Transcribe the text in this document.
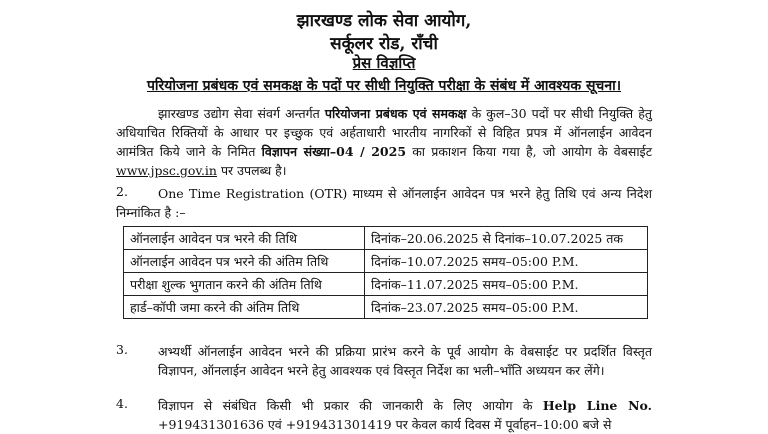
झारखण्ड लोक सेवा आयोग,
सर्कूलर रोड, राँची
प्रेस विज्ञप्ति
परियोजना प्रबंधक एवं समकक्ष के पदों पर सीधी नियुक्ति परीक्षा के संबंध में आवश्यक सूचना।
झारखण्ड उद्योग सेवा संवर्ग अन्तर्गत परियोजना प्रबंधक एवं समकक्ष के कुल–30 पदों पर सीधी नियुक्ति हेतु अधियाचित रिक्तियों के आधार पर इच्छुक एवं अर्हताधारी भारतीय नागरिकों से विहित प्रपत्र में ऑनलाईन आवेदन आमंत्रित किये जाने के निमित विज्ञापन संख्या–04 / 2025 का प्रकाशन किया गया है, जो आयोग के वेबसाईट www.jpsc.gov.in पर उपलब्ध है।
2.	One Time Registration (OTR) माध्यम से ऑनलाईन आवेदन पत्र भरने हेतु तिथि एवं अन्य निदेश निम्नांकित है :–
ऑनलाईन आवेदन पत्र भरने की तिथि	दिनांक–20.06.2025 से दिनांक–10.07.2025 तक
ऑनलाईन आवेदन पत्र भरने की अंतिम तिथि	दिनांक–10.07.2025 समय–05:00 P.M.
परीक्षा शुल्क भुगतान करने की अंतिम तिथि	दिनांक–11.07.2025 समय–05:00 P.M.
हार्ड–कॉपी जमा करने की अंतिम तिथि	दिनांक–23.07.2025 समय–05:00 P.M.
3. अभ्यर्थी ऑनलाईन आवेदन भरने की प्रक्रिया प्रारंभ करने के पूर्व आयोग के वेबसाईट पर प्रदर्शित विस्तृत विज्ञापन, ऑनलाईन आवेदन भरने हेतु आवश्यक एवं विस्तृत निर्देश का भली–भाँति अध्ययन कर लेंगे।
4. विज्ञापन से संबंधित किसी भी प्रकार की जानकारी के लिए आयोग के Help Line No. +919431301636 एवं +919431301419 पर केवल कार्य दिवस में पूर्वाहन–10:00 बजे से
